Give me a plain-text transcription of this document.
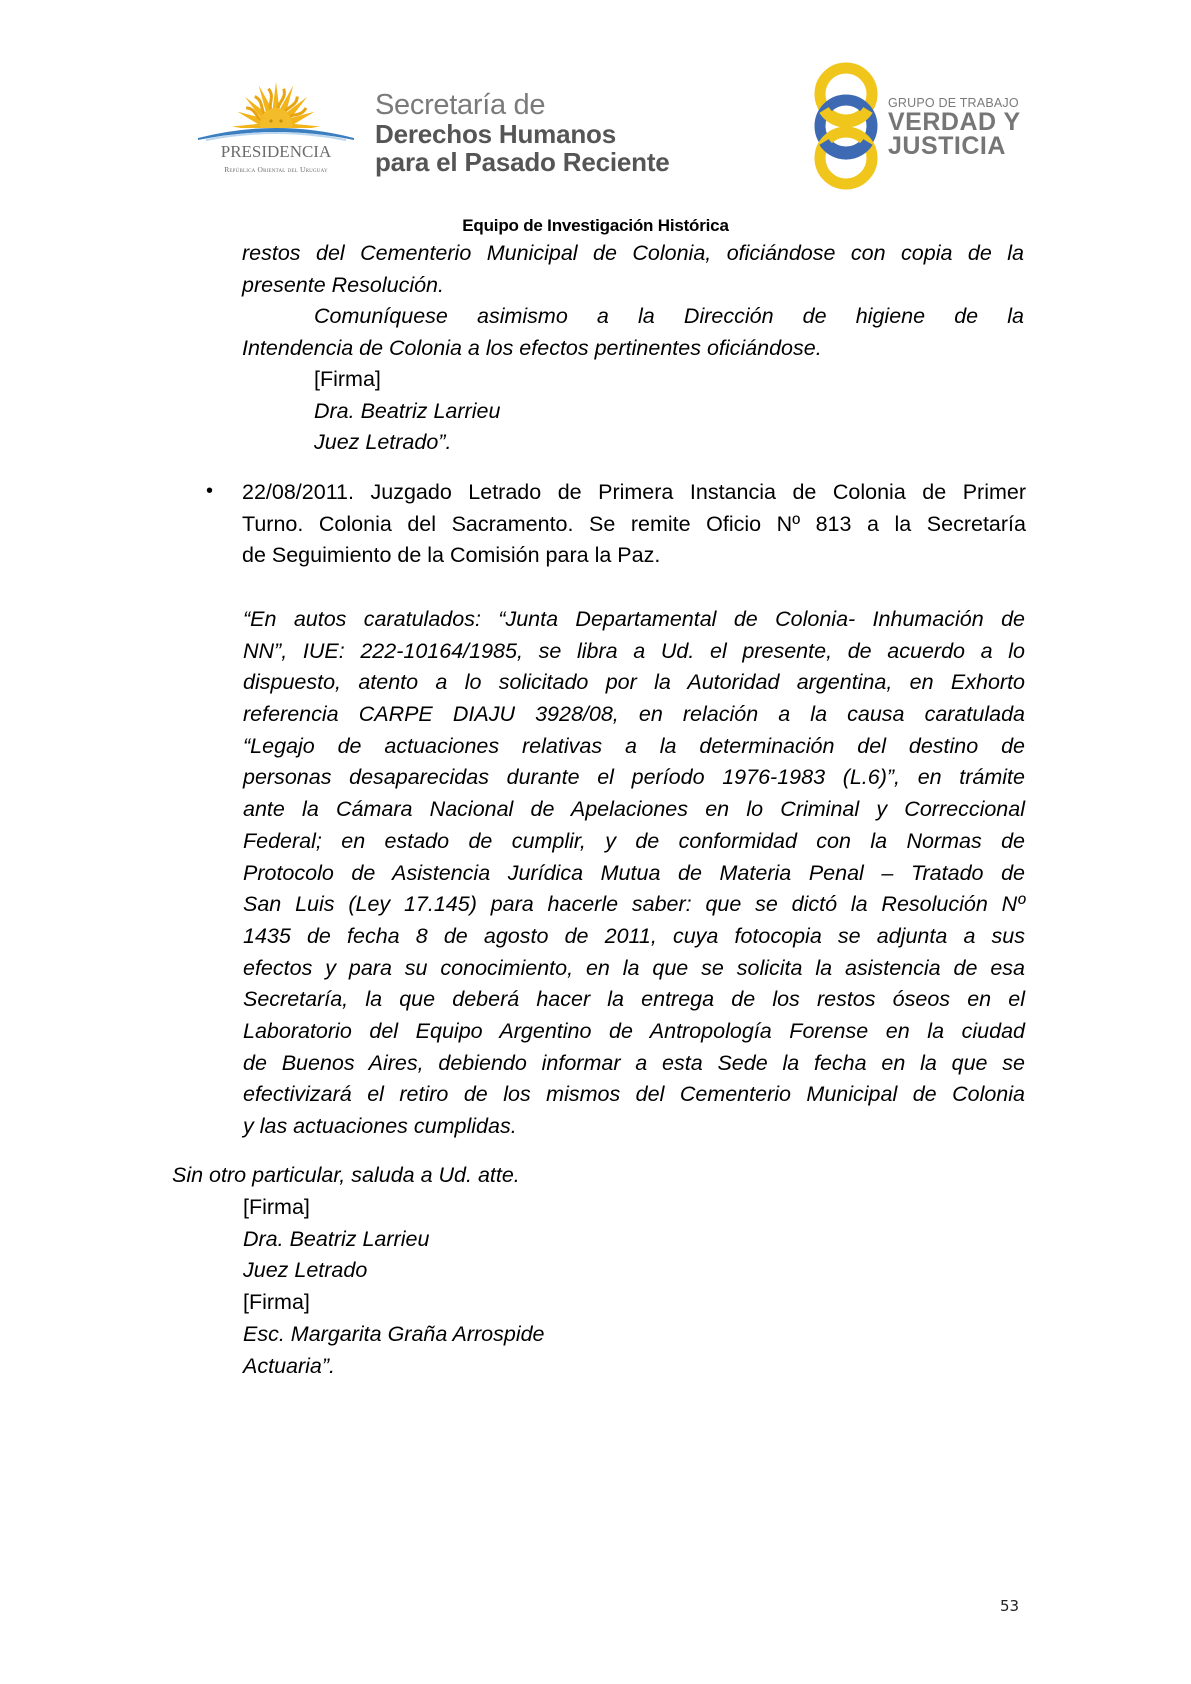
PRESIDENCIA
República Oriental del Uruguay
Secretaría de
Derechos Humanos
para el Pasado Reciente
GRUPO DE TRABAJO
VERDAD Y
JUSTICIA
Equipo de Investigación Histórica
restos del Cementerio Municipal de Colonia, oficiándose con copia de la
presente Resolución.
Comuníquese asimismo a la Dirección de higiene de la
Intendencia de Colonia a los efectos pertinentes oficiándose.
[Firma]
Dra. Beatriz Larrieu
Juez Letrado”.
• 22/08/2011. Juzgado Letrado de Primera Instancia de Colonia de Primer
Turno. Colonia del Sacramento. Se remite Oficio Nº 813 a la Secretaría
de Seguimiento de la Comisión para la Paz.
“En autos caratulados: “Junta Departamental de Colonia- Inhumación de
NN”, IUE: 222-10164/1985, se libra a Ud. el presente, de acuerdo a lo
dispuesto, atento a lo solicitado por la Autoridad argentina, en Exhorto
referencia CARPE DIAJU 3928/08, en relación a la causa caratulada
“Legajo de actuaciones relativas a la determinación del destino de
personas desaparecidas durante el período 1976-1983 (L.6)”, en trámite
ante la Cámara Nacional de Apelaciones en lo Criminal y Correccional
Federal; en estado de cumplir, y de conformidad con la Normas de
Protocolo de Asistencia Jurídica Mutua de Materia Penal – Tratado de
San Luis (Ley 17.145) para hacerle saber: que se dictó la Resolución Nº
1435 de fecha 8 de agosto de 2011, cuya fotocopia se adjunta a sus
efectos y para su conocimiento, en la que se solicita la asistencia de esa
Secretaría, la que deberá hacer la entrega de los restos óseos en el
Laboratorio del Equipo Argentino de Antropología Forense en la ciudad
de Buenos Aires, debiendo informar a esta Sede la fecha en la que se
efectivizará el retiro de los mismos del Cementerio Municipal de Colonia
y las actuaciones cumplidas.
Sin otro particular, saluda a Ud. atte.
[Firma]
Dra. Beatriz Larrieu
Juez Letrado
[Firma]
Esc. Margarita Graña Arrospide
Actuaria”.
53
